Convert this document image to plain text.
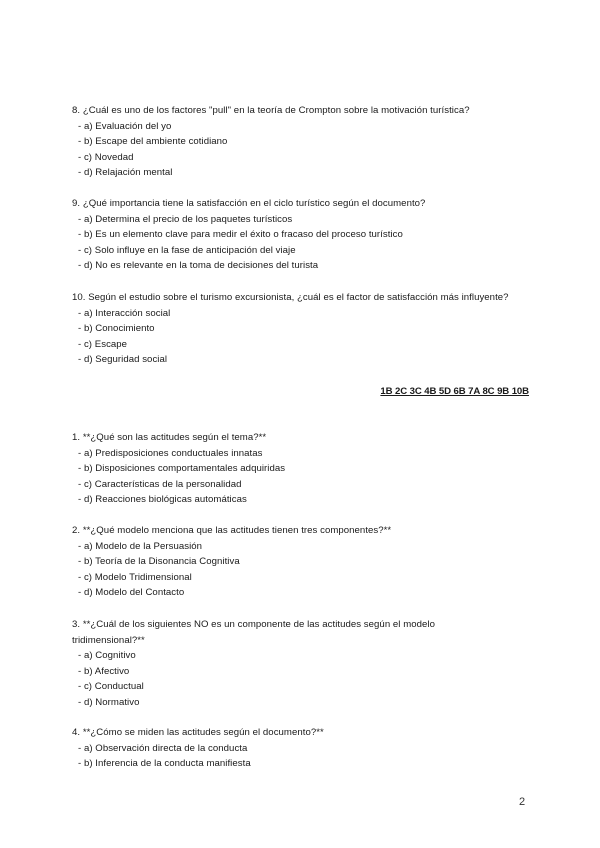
8. ¿Cuál es uno de los factores "pull" en la teoría de Crompton sobre la motivación turística?

- a) Evaluación del yo

- b) Escape del ambiente cotidiano

- c) Novedad

- d) Relajación mental

9. ¿Qué importancia tiene la satisfacción en el ciclo turístico según el documento?

- a) Determina el precio de los paquetes turísticos

- b) Es un elemento clave para medir el éxito o fracaso del proceso turístico

- c) Solo influye en la fase de anticipación del viaje

- d) No es relevante en la toma de decisiones del turista

10. Según el estudio sobre el turismo excursionista, ¿cuál es el factor de satisfacción más influyente?

- a) Interacción social

- b) Conocimiento

- c) Escape

- d) Seguridad social

1B 2C 3C 4B 5D 6B 7A 8C 9B 10B

1. **¿Qué son las actitudes según el tema?**

- a) Predisposiciones conductuales innatas

- b) Disposiciones comportamentales adquiridas

- c) Características de la personalidad

- d) Reacciones biológicas automáticas

2. **¿Qué modelo menciona que las actitudes tienen tres componentes?**

- a) Modelo de la Persuasión

- b) Teoría de la Disonancia Cognitiva

- c) Modelo Tridimensional

- d) Modelo del Contacto

3. **¿Cuál de los siguientes NO es un componente de las actitudes según el modelo

tridimensional?**

- a) Cognitivo

- b) Afectivo

- c) Conductual

- d) Normativo

4. **¿Cómo se miden las actitudes según el documento?**

- a) Observación directa de la conducta

- b) Inferencia de la conducta manifiesta

2
